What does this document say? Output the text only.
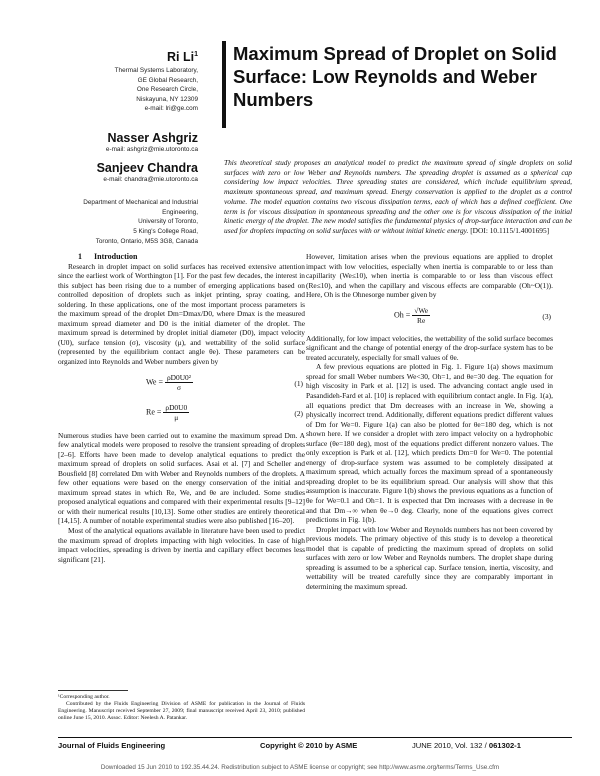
Ri Li$^1$

Thermal Systems Laboratory,

GE Global Research,

One Research Circle,

Niskayuna, NY 12309

e-mail: lri@ge.com

Nasser Ashgriz

e-mail: ashgriz@mie.utoronto.ca

Sanjeev Chandra

e-mail: chandra@mie.utoronto.ca

Department of Mechanical and Industrial

Engineering,

University of Toronto,

5 King's College Road,

Toronto, Ontario, M5S 3G8, Canada

Maximum Spread of Droplet on Solid Surface: Low Reynolds and Weber Numbers

This theoretical study proposes an analytical model to predict the maximum spread of single droplets on solid surfaces with zero or low Weber and Reynolds numbers. The spreading droplet is assumed as a spherical cap considering low impact velocities. Three spreading states are considered, which include equilibrium spread, maximum spontaneous spread, and maximum spread. Energy conservation is applied to the droplet as a control volume. The model equation contains two viscous dissipation terms, each of which has a defined coefficient. One term is for viscous dissipation in spontaneous spreading and the other one is for viscous dissipation of the initial kinetic energy of the droplet. The new model satisfies the fundamental physics of drop-surface interaction and can be used for droplets impacting on solid surfaces with or without initial kinetic energy. [DOI: 10.1115/1.4001695]

1 Introduction

Research in droplet impact on solid surfaces has received extensive attention since the earliest work of Worthington [1]. For the past few decades, the interest in this subject has been rising due to a number of emerging applications based on controlled deposition of droplets such as inkjet printing, spray coating, and soldering. In these applications, one of the most important process parameters is the maximum spread of the droplet Dm=Dmax/D0, where Dmax is the measured maximum spread diameter and D0 is the initial diameter of the droplet. The maximum spread is determined by droplet initial diameter (D0), impact velocity (U0), surface tension (σ), viscosity (μ), and wettability of the solid surface (represented by the equilibrium contact angle θe). These parameters can be organized into Reynolds and Weber numbers given by

$We = \frac{\text{ρD0U0²}}{\sigma}$	(1)
$Re = \frac{\rho D0U0}{\mu}$	(2)

Numerous studies have been carried out to examine the maximum spread Dm. A few analytical models were proposed to resolve the transient spreading of droplets [2–6]. Efforts have been made to develop analytical equations to predict the maximum spread of droplets on solid surfaces. Asai et al. [7] and Scheller and Bousfield [8] correlated Dm with Weber and Reynolds numbers of the droplets. A few other equations were based on the energy conservation of the initial and maximum spread states in which Re, We, and θe are included. Some studies proposed analytical equations and compared with their experimental results [9–12] or with their numerical results [10,13]. Some other studies are entirely theoretical [14,15]. A number of notable experimental studies were also published [16–20].

Most of the analytical equations available in literature have been used to predict the maximum spread of droplets impacting with high velocities. In case of high impact velocities, spreading is driven by inertia and capillary effect becomes less significant [21].

However, limitation arises when the previous equations are applied to droplet impact with low velocities, especially when inertia is comparable to or less than capillarity (We≤10), when inertia is comparable to or less than viscous effect (Re≤10), and when the capillary and viscous effects are comparable (Oh~O(1)). Here, Oh is the Ohnesorge number given by

$Oh = \frac{√We}{Re}$	(3)

Additionally, for low impact velocities, the wettability of the solid surface becomes significant and the change of potential energy of the drop-surface system has to be treated accurately, especially for small values of θe.

A few previous equations are plotted in Fig. 1. Figure 1(a) shows maximum spread for small Weber numbers We<30, Oh=1, and θe=30 deg. The equation for high viscosity in Park et al. [12] is used. The advancing contact angle used in Pasandideh-Fard et al. [10] is replaced with equilibrium contact angle. In Fig. 1(a), all equations predict that Dm decreases with an increase in We, showing a physically incorrect trend. Additionally, different equations predict different values of Dm for We=0. Figure 1(a) can also be plotted for θe=180 deg, which is not shown here. If we consider a droplet with zero impact velocity on a hydrophobic surface (θe=180 deg), most of the equations predict different nonzero values. The only exception is Park et al. [12], which predicts Dm=0 for We=0. The potential energy of drop-surface system was assumed to be completely dissipated at maximum spread, which actually forces the maximum spread of a spontaneously spreading droplet to be its equilibrium spread. Our analysis will show that this assumption is inaccurate. Figure 1(b) shows the previous equations as a function of θe for We=0.1 and Oh=1. It is expected that Dm increases with a decrease in θe and that Dm→∞ when θe→0 deg. Clearly, none of the equations gives correct predictions in Fig. 1(b).

Droplet impact with low Weber and Reynolds numbers has not been covered by previous models. The primary objective of this study is to develop a theoretical model that is capable of predicting the maximum spread of droplets on solid surfaces with zero or low Weber and Reynolds numbers. The droplet shape during spreading is assumed to be a spherical cap. Surface tension, inertia, viscosity, and wettability will be treated carefully since they are comparably important in determining the maximum spread.

¹Corresponding author.

Contributed by the Fluids Engineering Division of ASME for publication in the Journal of Fluids Engineering. Manuscript received September 27, 2009; final manuscript received April 23, 2010; published online June 15, 2010. Assoc. Editor: Neelesh A. Patankar.

Journal of Fluids Engineering	Copyright © 2010 by ASME	JUNE 2010, Vol. 132 / 061302-1
Downloaded 15 Jun 2010 to 192.35.44.24. Redistribution subject to ASME license or copyright; see http://www.asme.org/terms/Terms_Use.cfm
